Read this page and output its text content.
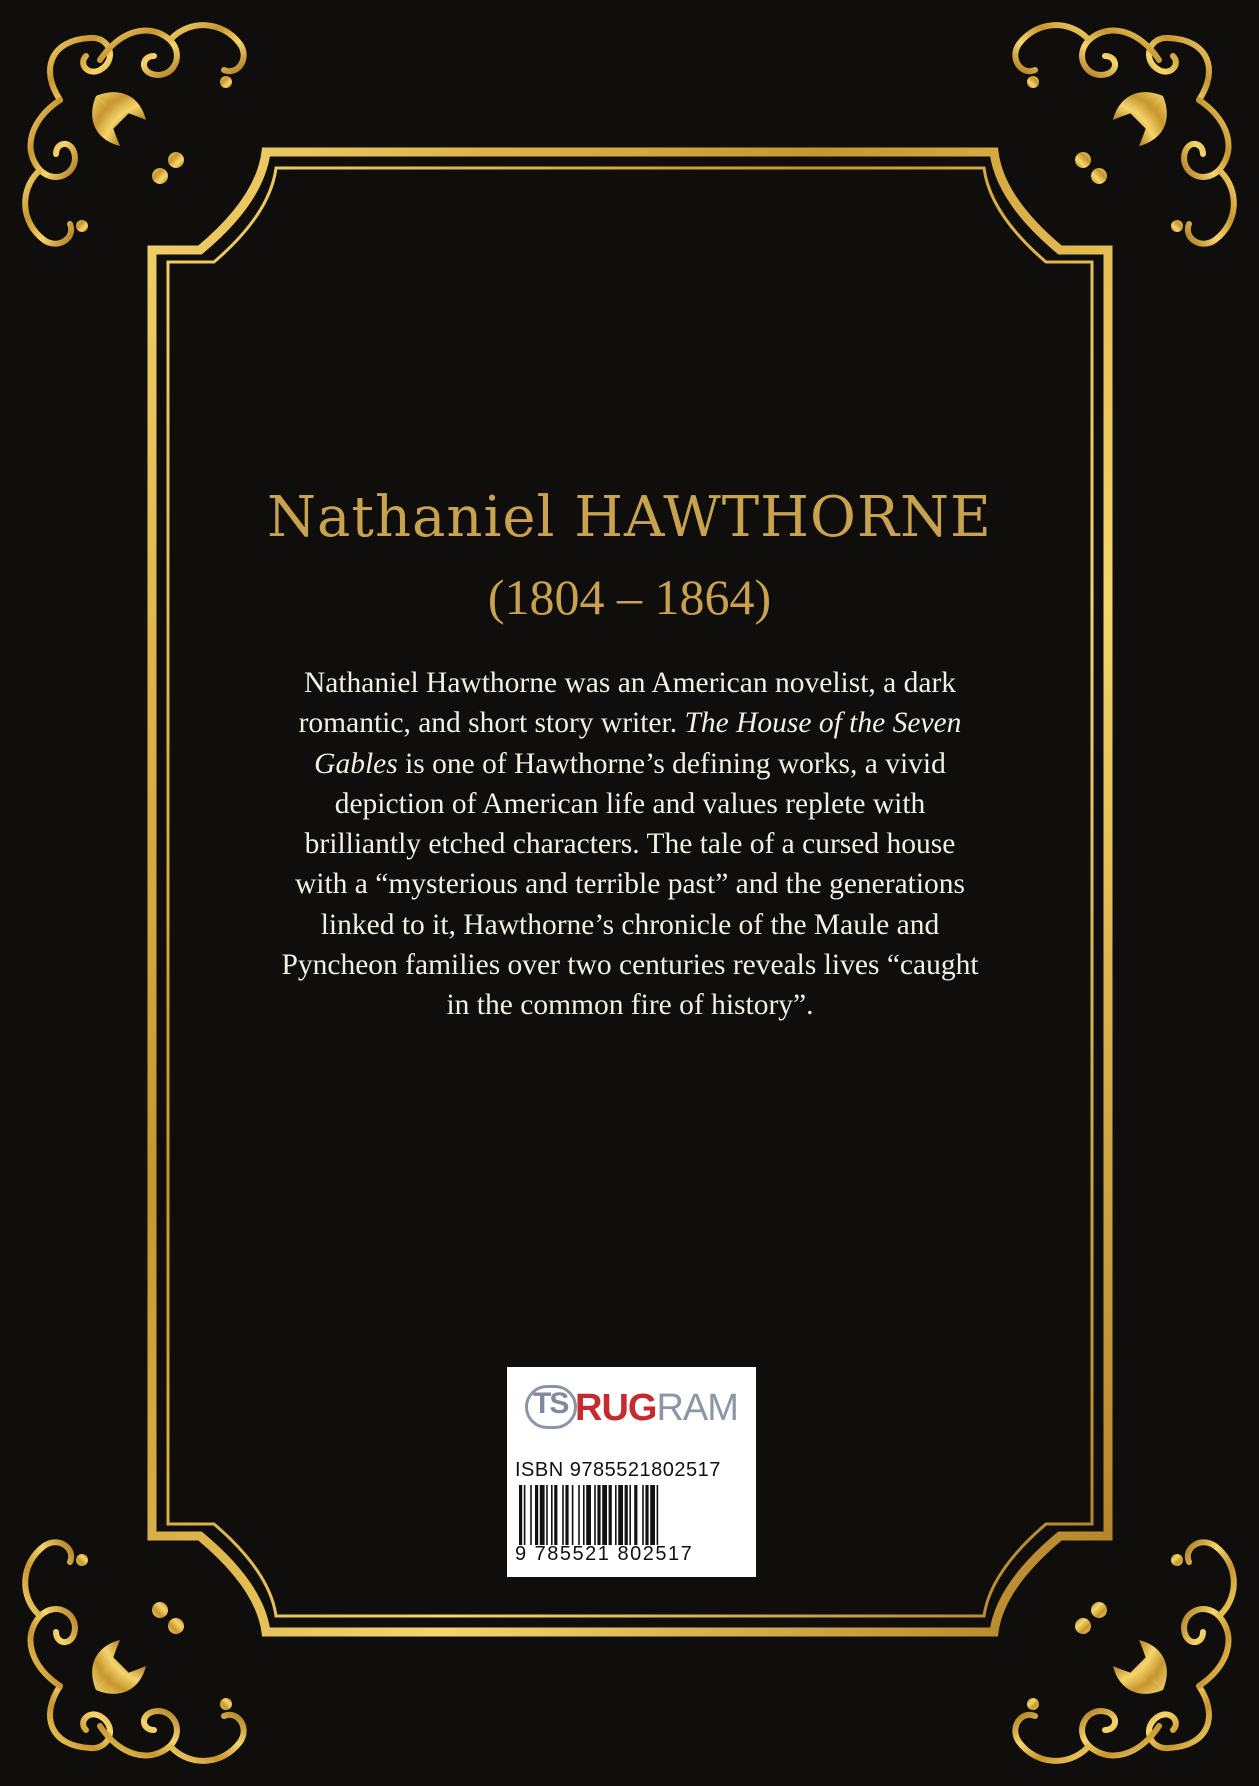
Nathaniel HAWTHORNE
(1804 – 1864)
Nathaniel Hawthorne was an American novelist, a dark romantic, and short story writer. The House of the Seven Gables is one of Hawthorne’s defining works, a vivid depiction of American life and values replete with brilliantly etched characters. The tale of a cursed house with a “mysterious and terrible past” and the generations linked to it, Hawthorne’s chronicle of the Maule and Pyncheon families over two centuries reveals lives “caught in the common fire of history”.
TS RUGRAM
ISBN 9785521802517
9 785521 802517
